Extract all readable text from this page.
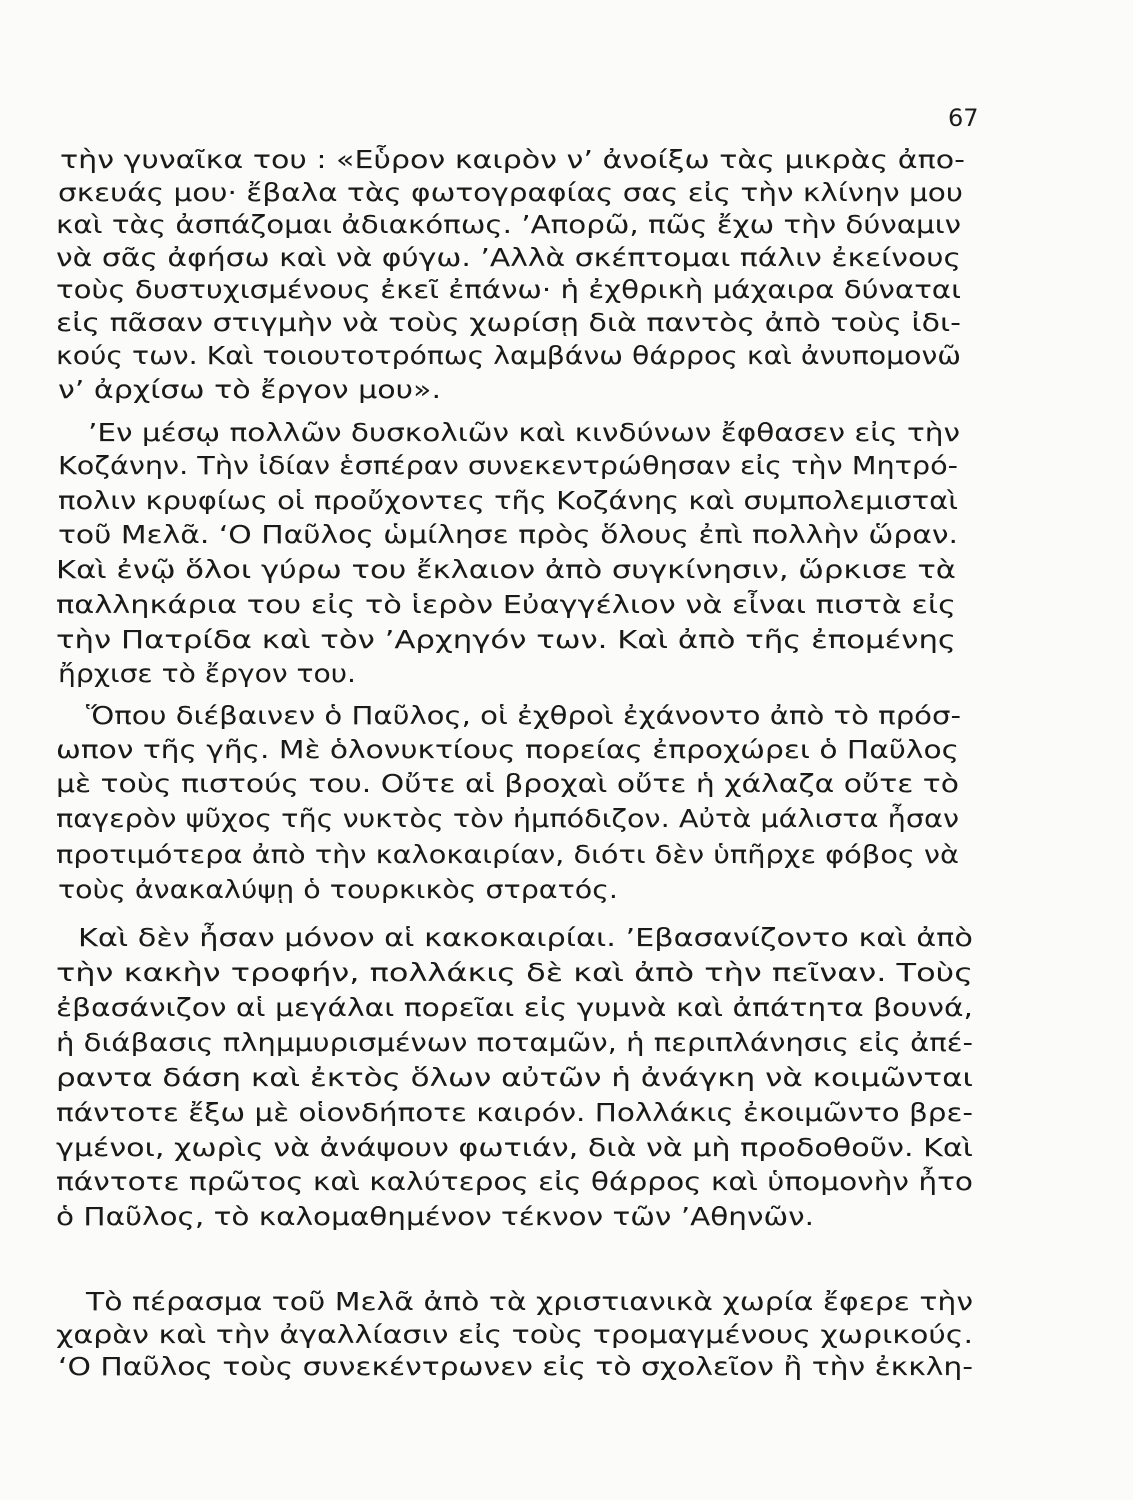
67
τὴν γυναῖκα του : «Εὗρον καιρὸν ν’ ἀνοίξω τὰς μικρὰς ἀπο-
σκευάς μου· ἔβαλα τὰς φωτογραφίας σας εἰς τὴν κλίνην μου
καὶ τὰς ἀσπάζομαι ἀδιακόπως. ’Απορῶ, πῶς ἔχω τὴν δύναμιν
νὰ σᾶς ἀφήσω καὶ νὰ φύγω. ’Αλλὰ σκέπτομαι πάλιν ἐκείνους
τοὺς δυστυχισμένους ἐκεῖ ἐπάνω· ἡ ἐχθρικὴ μάχαιρα δύναται
εἰς πᾶσαν στιγμὴν νὰ τοὺς χωρίσῃ διὰ παντὸς ἀπὸ τοὺς ἰδι-
κούς των. Καὶ τοιουτοτρόπως λαμβάνω θάρρος καὶ ἀνυπομονῶ
ν’ ἀρχίσω τὸ ἔργον μου».
’Εν μέσῳ πολλῶν δυσκολιῶν καὶ κινδύνων ἔφθασεν εἰς τὴν
Κοζάνην. Τὴν ἰδίαν ἑσπέραν συνεκεντρώθησαν εἰς τὴν Μητρό-
πολιν κρυφίως οἱ προὔχοντες τῆς Κοζάνης καὶ συμπολεμισταὶ
τοῦ Μελᾶ. ‘Ο Παῦλος ὡμίλησε πρὸς ὅλους ἐπὶ πολλὴν ὥραν.
Καὶ ἐνῷ ὅλοι γύρω του ἔκλαιον ἀπὸ συγκίνησιν, ὥρκισε τὰ
παλληκάρια του εἰς τὸ ἱερὸν Εὐαγγέλιον νὰ εἶναι πιστὰ εἰς
τὴν Πατρίδα καὶ τὸν ’Αρχηγόν των. Καὶ ἀπὸ τῆς ἐπομένης
ἤρχισε τὸ ἔργον του.
Ὅπου διέβαινεν ὁ Παῦλος, οἱ ἐχθροὶ ἐχάνοντο ἀπὸ τὸ πρόσ-
ωπον τῆς γῆς. Μὲ ὁλονυκτίους πορείας ἐπροχώρει ὁ Παῦλος
μὲ τοὺς πιστούς του. Οὔτε αἱ βροχαὶ οὔτε ἡ χάλαζα οὔτε τὸ
παγερὸν ψῦχος τῆς νυκτὸς τὸν ἠμπόδιζον. Αὐτὰ μάλιστα ἦσαν
προτιμότερα ἀπὸ τὴν καλοκαιρίαν, διότι δὲν ὑπῆρχε φόβος νὰ
τοὺς ἀνακαλύψῃ ὁ τουρκικὸς στρατός.
Καὶ δὲν ἦσαν μόνον αἱ κακοκαιρίαι. ’Εβασανίζοντο καὶ ἀπὸ
τὴν κακὴν τροφήν, πολλάκις δὲ καὶ ἀπὸ τὴν πεῖναν. Τοὺς
ἐβασάνιζον αἱ μεγάλαι πορεῖαι εἰς γυμνὰ καὶ ἀπάτητα βουνά,
ἡ διάβασις πλημμυρισμένων ποταμῶν, ἡ περιπλάνησις εἰς ἀπέ-
ραντα δάση καὶ ἐκτὸς ὅλων αὐτῶν ἡ ἀνάγκη νὰ κοιμῶνται
πάντοτε ἔξω μὲ οἱονδήποτε καιρόν. Πολλάκις ἐκοιμῶντο βρε-
γμένοι, χωρὶς νὰ ἀνάψουν φωτιάν, διὰ νὰ μὴ προδοθοῦν. Καὶ
πάντοτε πρῶτος καὶ καλύτερος εἰς θάρρος καὶ ὑπομονὴν ἦτο
ὁ Παῦλος, τὸ καλομαθημένον τέκνον τῶν ’Αθηνῶν.
Τὸ πέρασμα τοῦ Μελᾶ ἀπὸ τὰ χριστιανικὰ χωρία ἔφερε τὴν
χαρὰν καὶ τὴν ἀγαλλίασιν εἰς τοὺς τρομαγμένους χωρικούς.
‘Ο Παῦλος τοὺς συνεκέντρωνεν εἰς τὸ σχολεῖον ἢ τὴν ἐκκλη-
